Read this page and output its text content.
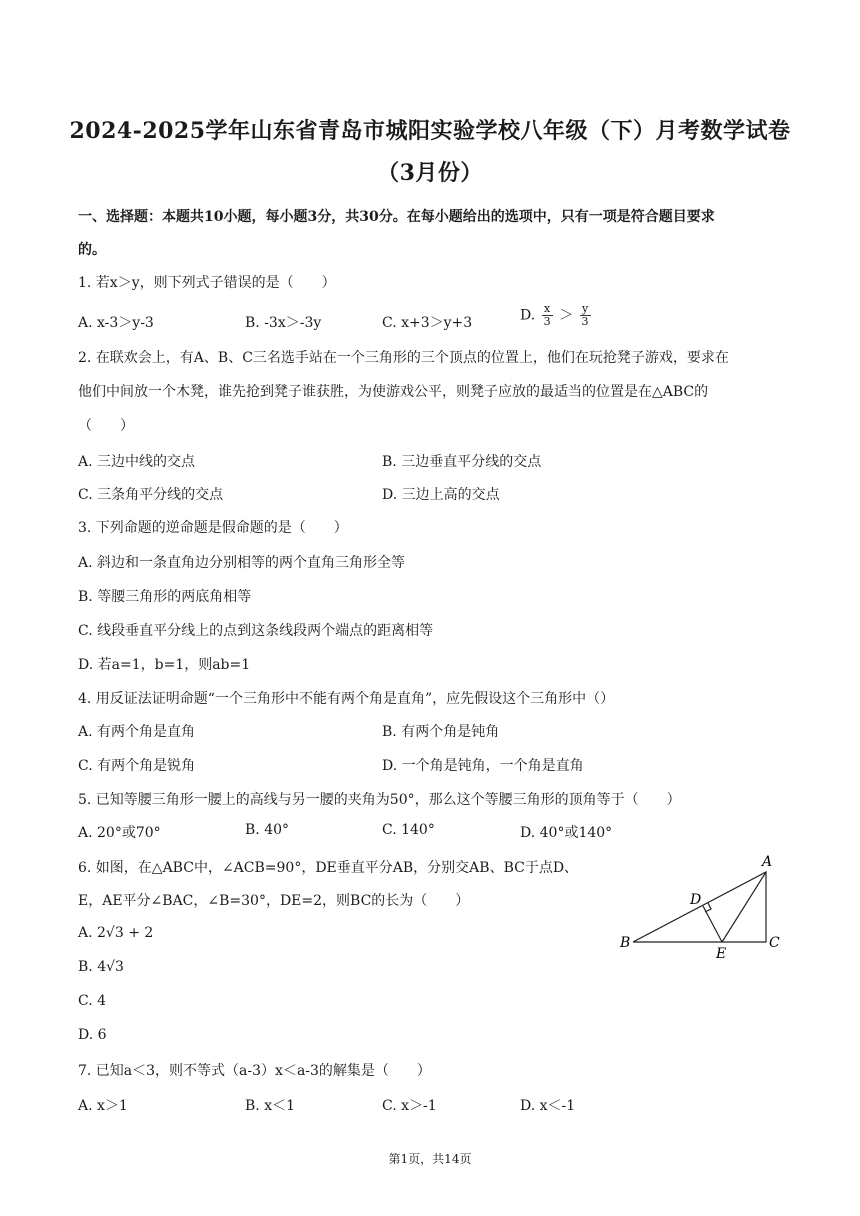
2024-2025学年山东省青岛市城阳实验学校八年级（下）月考数学试卷
（3月份）
一、选择题：本题共10小题，每小题3分，共30分。在每小题给出的选项中，只有一项是符合题目要求
的。
1. 若x＞y，则下列式子错误的是（　　）
A. x-3＞y-3	B. -3x＞-3y	C. x+3＞y+3	D. $\frac{x}{3} > \frac{y}{3}$
2. 在联欢会上，有A、B、C三名选手站在一个三角形的三个顶点的位置上，他们在玩抢凳子游戏，要求在
他们中间放一个木凳，谁先抢到凳子谁获胜，为使游戏公平，则凳子应放的最适当的位置是在△ABC的
（　　）
A. 三边中线的交点	B. 三边垂直平分线的交点
C. 三条角平分线的交点	D. 三边上高的交点
3. 下列命题的逆命题是假命题的是（　　）
A. 斜边和一条直角边分别相等的两个直角三角形全等
B. 等腰三角形的两底角相等
C. 线段垂直平分线上的点到这条线段两个端点的距离相等
D. 若a=1，b=1，则ab=1
4. 用反证法证明命题“一个三角形中不能有两个角是直角”，应先假设这个三角形中（）
A. 有两个角是直角	B. 有两个角是钝角
C. 有两个角是锐角	D. 一个角是钝角，一个角是直角
5. 已知等腰三角形一腰上的高线与另一腰的夹角为50°，那么这个等腰三角形的顶角等于（　　）
A. 20°或70°	B. 40°	C. 140°	D. 40°或140°
6. 如图，在△ABC中，∠ACB=90°，DE垂直平分AB，分别交AB、BC于点D、
E，AE平分∠BAC，∠B=30°，DE=2，则BC的长为（　　）
A. 2√3 + 2
B. 4√3
C. 4
D. 6
A
B	C
D
E
7. 已知a＜3，则不等式（a-3）x＜a-3的解集是（　　）
A. x＞1	B. x＜1	C. x＞-1	D. x＜-1
第1页，共14页
